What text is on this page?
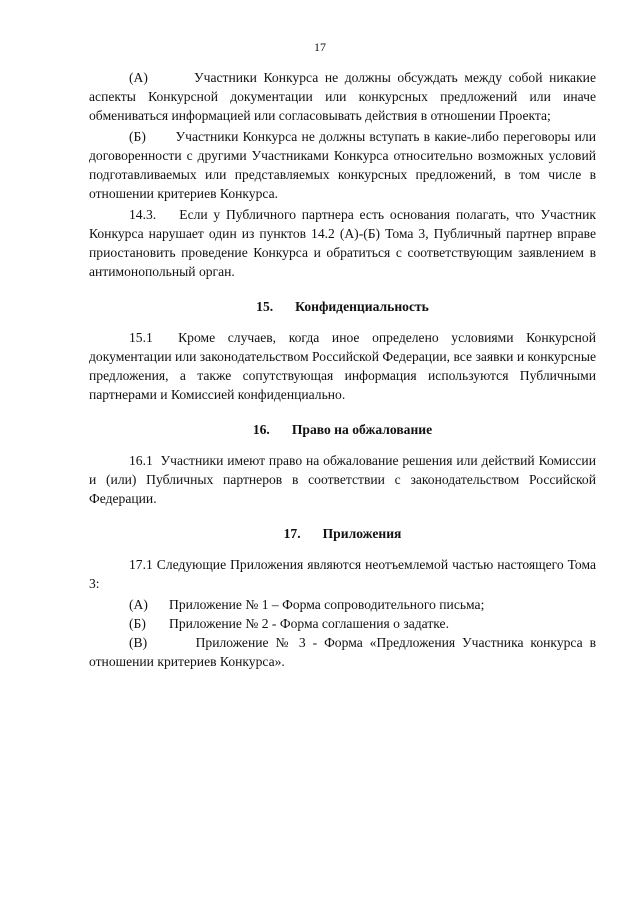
17

(А)	Участники Конкурса не должны обсуждать между собой никакие аспекты Конкурсной документации или конкурсных предложений или иначе обмениваться информацией или согласовывать действия в отношении Проекта;

(Б) Участники Конкурса не должны вступать в какие-либо переговоры или договоренности с другими Участниками Конкурса относительно возможных условий подготавливаемых или представляемых конкурсных предложений, в том числе в отношении критериев Конкурса.

14.3. Если у Публичного партнера есть основания полагать, что Участник Конкурса нарушает один из пунктов 14.2 (А)-(Б) Тома 3, Публичный партнер вправе приостановить проведение Конкурса и обратиться с соответствующим заявлением в антимонопольный орган.

15. Конфиденциальность

15.1 Кроме случаев, когда иное определено условиями Конкурсной документации или законодательством Российской Федерации, все заявки и конкурсные предложения, а также сопутствующая информация используются Публичными партнерами и Комиссией конфиденциально.

16. Право на обжалование

16.1 Участники имеют право на обжалование решения или действий Комиссии и (или) Публичных партнеров в соответствии с законодательством Российской Федерации.

17. Приложения

17.1 Следующие Приложения являются неотъемлемой частью настоящего Тома 3:

(А)	Приложение № 1 – Форма сопроводительного письма;
(Б)	Приложение № 2 - Форма соглашения о задатке.

(В)	Приложение № 3 - Форма «Предложения Участника конкурса в отношении критериев Конкурса».
